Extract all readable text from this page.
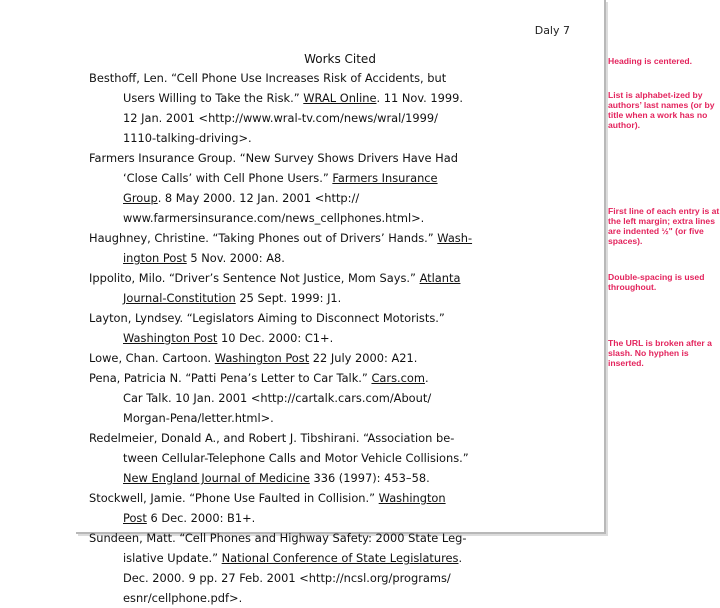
Daly 7
Works Cited
Besthoff, Len. “Cell Phone Use Increases Risk of Accidents, but
Users Willing to Take the Risk.” WRAL Online. 11 Nov. 1999.
12 Jan. 2001 <http://www.wral-tv.com/news/wral/1999/
1110-talking-driving>.
Farmers Insurance Group. “New Survey Shows Drivers Have Had
‘Close Calls’ with Cell Phone Users.” Farmers Insurance
Group. 8 May 2000. 12 Jan. 2001 <http://
www.farmersinsurance.com/news_cellphones.html>.
Haughney, Christine. “Taking Phones out of Drivers’ Hands.” Wash-
ington Post 5 Nov. 2000: A8.
Ippolito, Milo. “Driver’s Sentence Not Justice, Mom Says.” Atlanta
Journal-Constitution 25 Sept. 1999: J1.
Layton, Lyndsey. “Legislators Aiming to Disconnect Motorists.”
Washington Post 10 Dec. 2000: C1+.
Lowe, Chan. Cartoon. Washington Post 22 July 2000: A21.
Pena, Patricia N. “Patti Pena’s Letter to Car Talk.” Cars.com.
Car Talk. 10 Jan. 2001 <http://cartalk.cars.com/About/
Morgan-Pena/letter.html>.
Redelmeier, Donald A., and Robert J. Tibshirani. “Association be-
tween Cellular-Telephone Calls and Motor Vehicle Collisions.”
New England Journal of Medicine 336 (1997): 453–58.
Stockwell, Jamie. “Phone Use Faulted in Collision.” Washington
Post 6 Dec. 2000: B1+.
Sundeen, Matt. “Cell Phones and Highway Safety: 2000 State Leg-
islative Update.” National Conference of State Legislatures.
Dec. 2000. 9 pp. 27 Feb. 2001 <http://ncsl.org/programs/
esnr/cellphone.pdf>.
Heading is centered.
List is alphabet-ized by authors’ last names (or by title when a work has no author).
First line of each entry is at the left margin; extra lines are indented ½" (or five spaces).
Double-spacing is used throughout.
The URL is broken after a slash. No hyphen is inserted.
